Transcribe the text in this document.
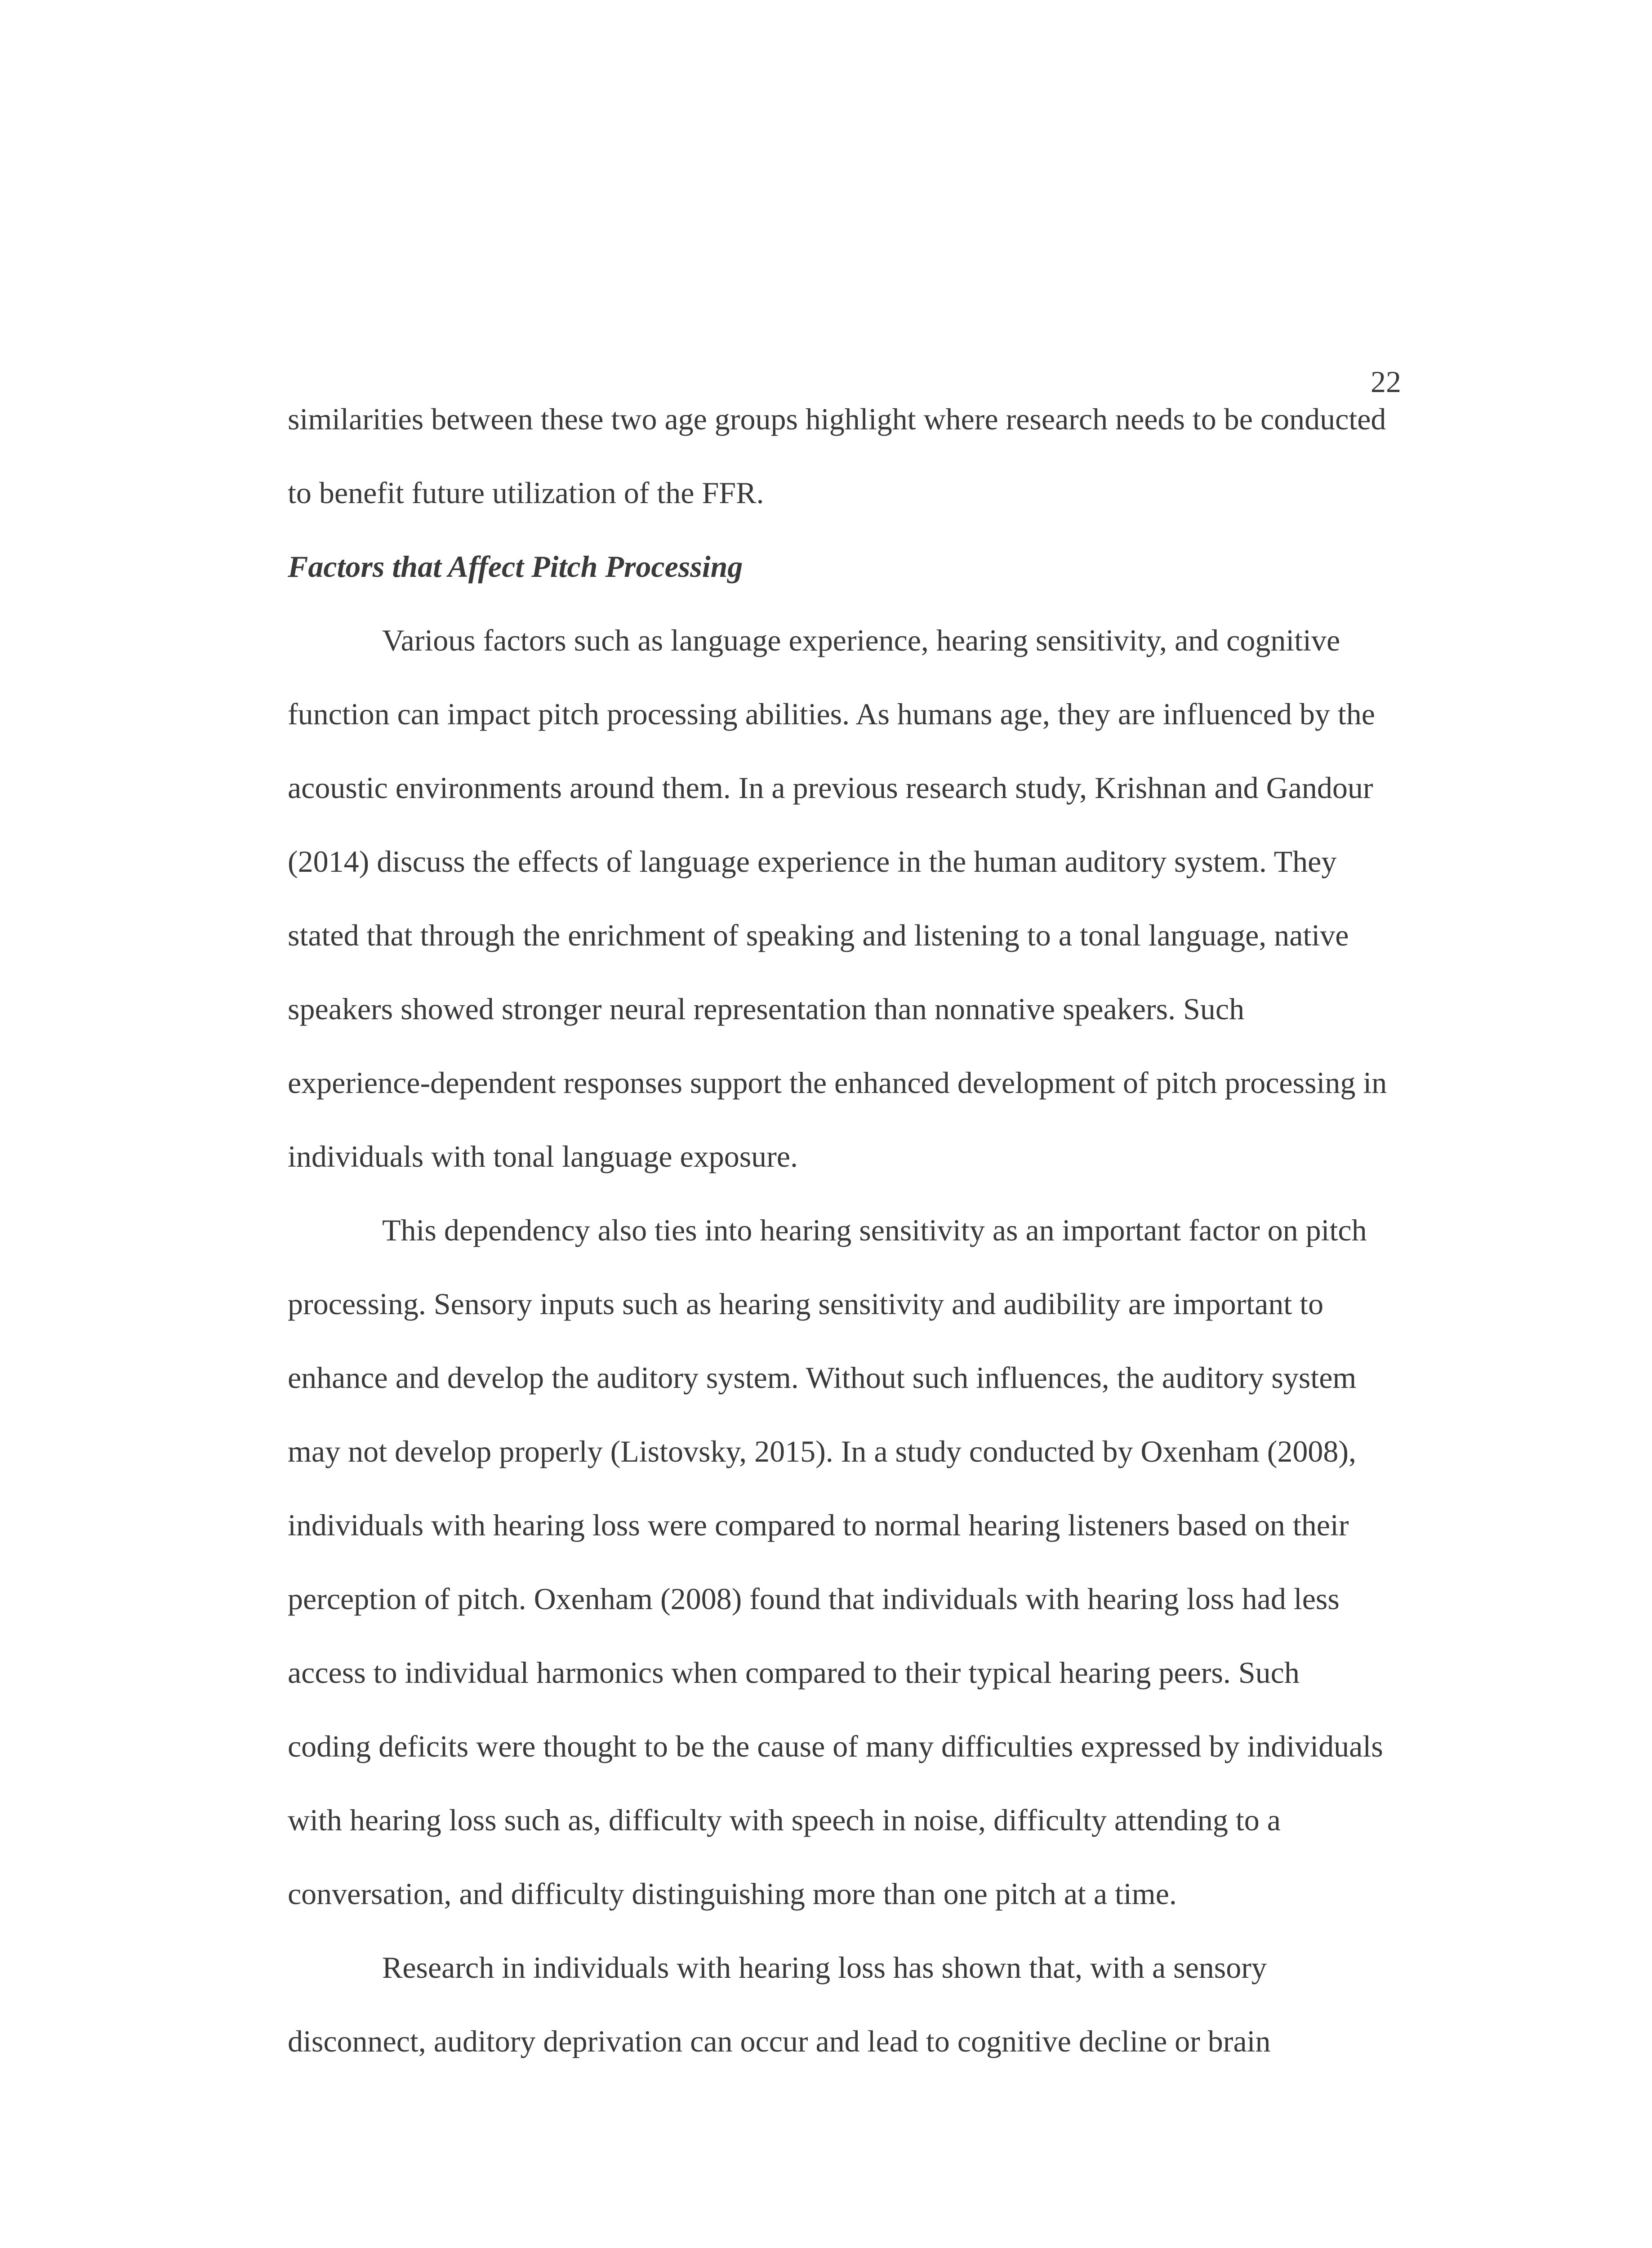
22
similarities between these two age groups highlight where research needs to be conducted
to benefit future utilization of the FFR.
Factors that Affect Pitch Processing
Various factors such as language experience, hearing sensitivity, and cognitive
function can impact pitch processing abilities. As humans age, they are influenced by the
acoustic environments around them. In a previous research study, Krishnan and Gandour
(2014) discuss the effects of language experience in the human auditory system. They
stated that through the enrichment of speaking and listening to a tonal language, native
speakers showed stronger neural representation than nonnative speakers. Such
experience-dependent responses support the enhanced development of pitch processing in
individuals with tonal language exposure.
This dependency also ties into hearing sensitivity as an important factor on pitch
processing. Sensory inputs such as hearing sensitivity and audibility are important to
enhance and develop the auditory system. Without such influences, the auditory system
may not develop properly (Listovsky, 2015). In a study conducted by Oxenham (2008),
individuals with hearing loss were compared to normal hearing listeners based on their
perception of pitch. Oxenham (2008) found that individuals with hearing loss had less
access to individual harmonics when compared to their typical hearing peers. Such
coding deficits were thought to be the cause of many difficulties expressed by individuals
with hearing loss such as, difficulty with speech in noise, difficulty attending to a
conversation, and difficulty distinguishing more than one pitch at a time.
Research in individuals with hearing loss has shown that, with a sensory
disconnect, auditory deprivation can occur and lead to cognitive decline or brain
